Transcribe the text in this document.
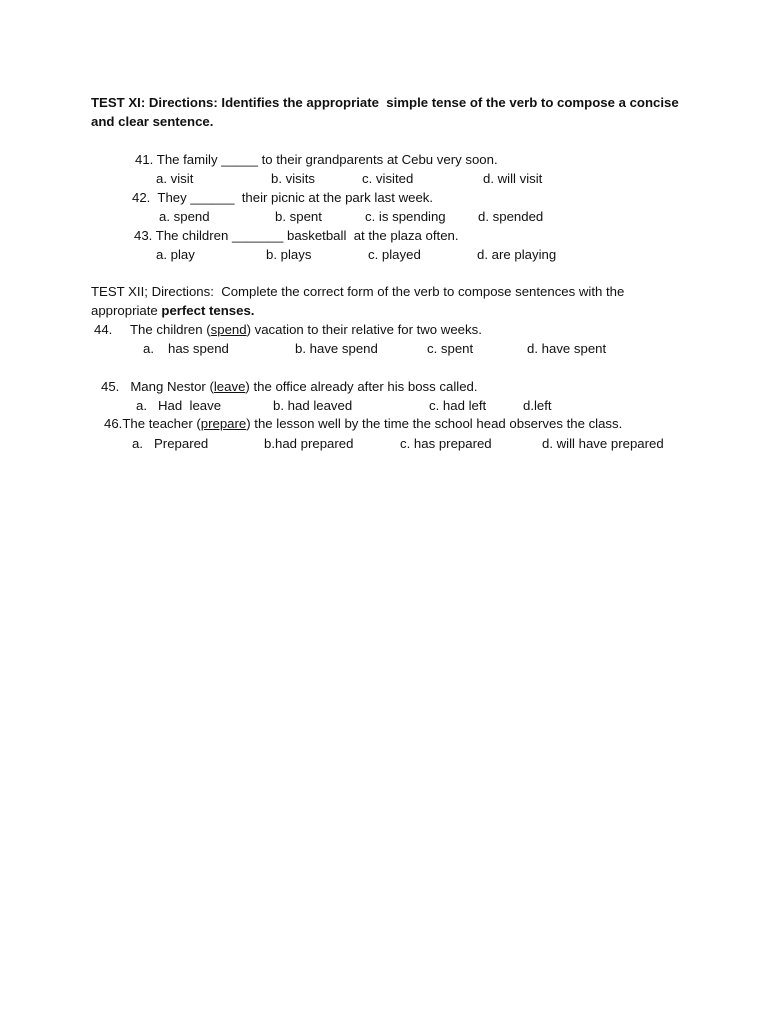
TEST XI: Directions: Identifies the appropriate  simple tense of the verb to compose a concise
and clear sentence.
41. The family _____ to their grandparents at Cebu very soon.
a. visit	b. visits	c. visited	d. will visit
42.  They ______  their picnic at the park last week.
a. spend	b. spent	c. is spending d. spended
43. The children _______ basketball  at the plaza often.
a. play	b. plays	c. played	d. are playing
TEST XII; Directions:  Complete the correct form of the verb to compose sentences with the
appropriate perfect tenses.
44. The children (spend) vacation to their relative for two weeks.
a. has spend	b. have spend	c. spent	d. have spent
45.   Mang Nestor (leave) the office already after his boss called.
a. Had  leave	b. had leaved	c. had left	d.left
46.The teacher (prepare) the lesson well by the time the school head observes the class.
a. Prepared	b.had prepared	c. has prepared	d. will have prepared
